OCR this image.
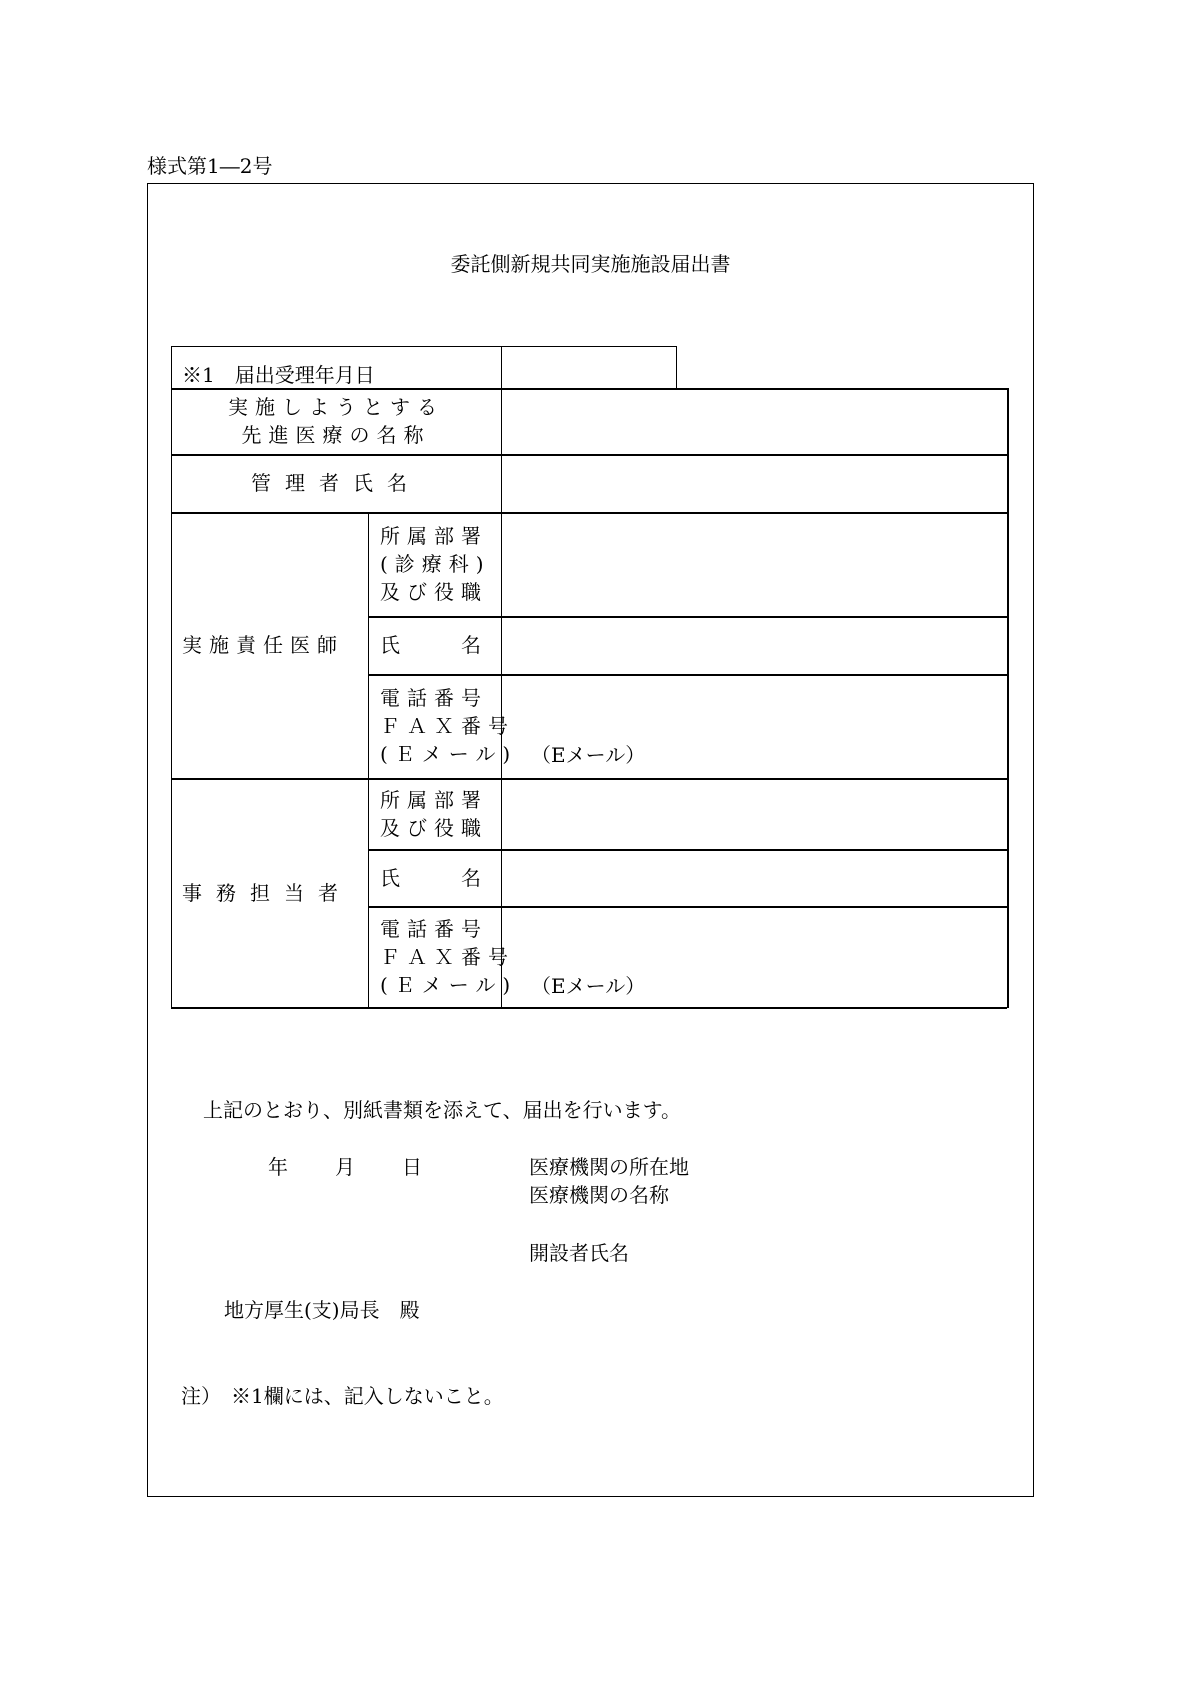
様式第1―2号
委託側新規共同実施施設届出書
※1　届出受理年月日
実施しようとする
先進医療の名称
管理者氏名
実施責任医師
所属部署
(診療科)
及び役職
氏　　名
電話番号
ＦＡＸ番号
(Ｅメール) （Eメール）
事務担当者
所属部署
及び役職
氏　　名
電話番号
ＦＡＸ番号
(Ｅメール) （Eメール）
上記のとおり、別紙書類を添えて、届出を行います。
年 月 日	医療機関の所在地
医療機関の名称
開設者氏名
地方厚生(支)局長　殿
注）　※1欄には、記入しないこと。
